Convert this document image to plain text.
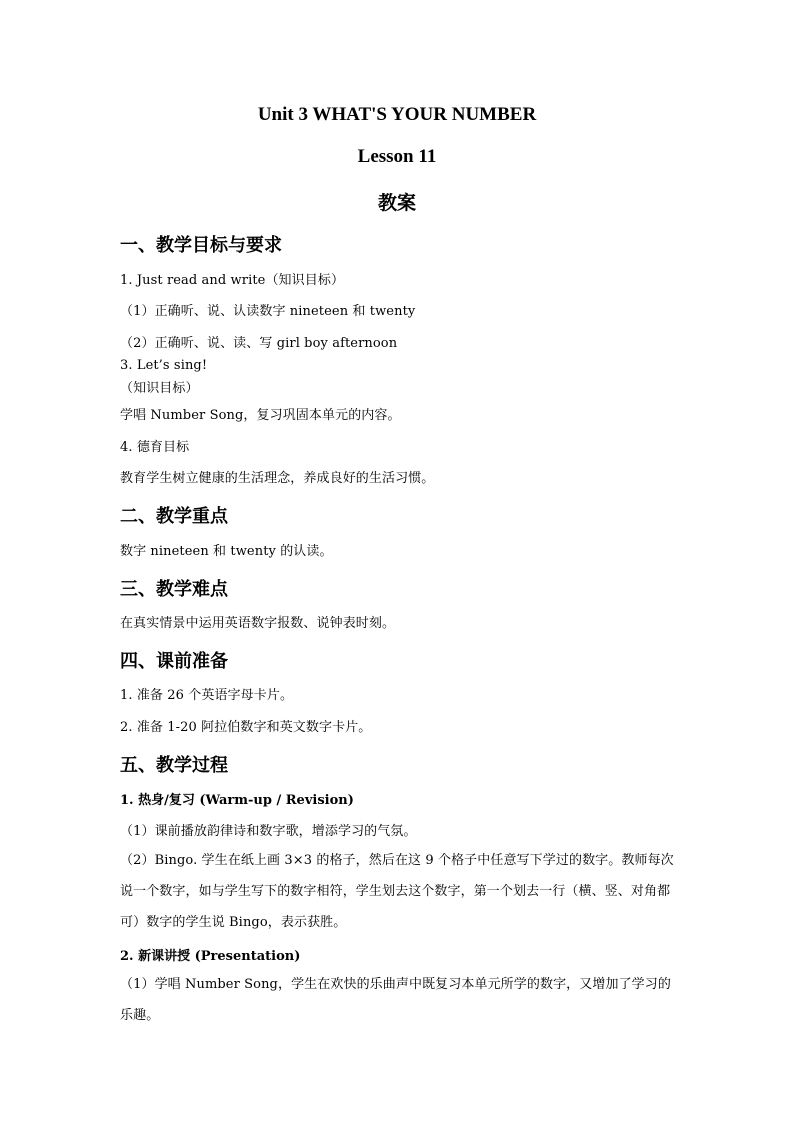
Unit 3 WHAT'S YOUR NUMBER
Lesson 11
教案
一、教学目标与要求
1. Just read and write（知识目标）
（1）正确听、说、认读数字 nineteen 和 twenty
（2）正确听、说、读、写 girl boy afternoon
3. Let’s sing!
（知识目标）
学唱 Number Song，复习巩固本单元的内容。
4. 德育目标
教育学生树立健康的生活理念，养成良好的生活习惯。
二、教学重点
数字 nineteen 和 twenty 的认读。
三、教学难点
在真实情景中运用英语数字报数、说钟表时刻。
四、课前准备
1. 准备 26 个英语字母卡片。
2. 准备 1-20 阿拉伯数字和英文数字卡片。
五、教学过程
1. 热身/复习 (Warm-up / Revision)
（1）课前播放韵律诗和数字歌，增添学习的气氛。
（2）Bingo. 学生在纸上画 3×3 的格子，然后在这 9 个格子中任意写下学过的数字。教师每次说一个数字，如与学生写下的数字相符，学生划去这个数字，第一个划去一行（横、竖、对角都可）数字的学生说 Bingo，表示获胜。
2. 新课讲授 (Presentation)
（1）学唱 Number Song，学生在欢快的乐曲声中既复习本单元所学的数字，又增加了学习的乐趣。
